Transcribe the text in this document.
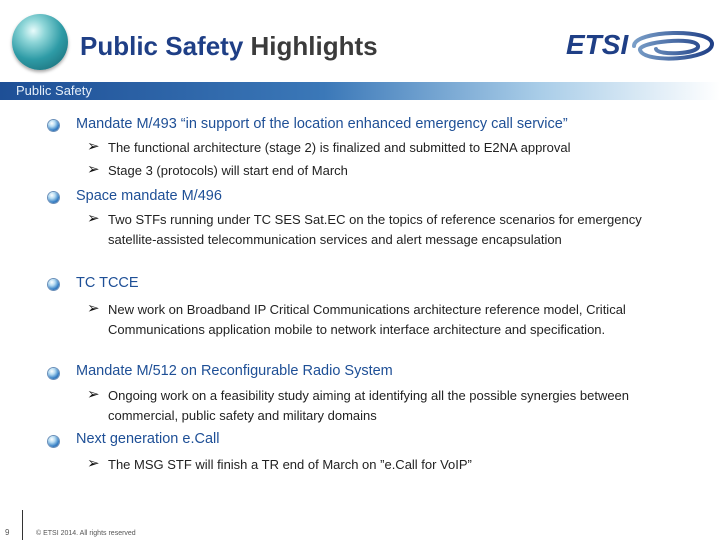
Public Safety Highlights	ETSI
Public Safety
Mandate M/493 “in support of the location enhanced emergency call service”
➢ The functional architecture (stage 2) is finalized and submitted to E2NA approval
➢ Stage 3 (protocols) will start end of March
Space mandate M/496
➢ Two STFs running under TC SES Sat.EC on the topics of reference scenarios for emergency satellite-assisted telecommunication services and alert message encapsulation
TC TCCE
➢ New work on Broadband IP Critical Communications architecture reference model, Critical Communications application mobile to network interface architecture and specification.
Mandate M/512 on Reconfigurable Radio System
➢ Ongoing work on a feasibility study aiming at identifying all the possible synergies between commercial, public safety and military domains
Next generation e.Call
➢ The MSG STF will finish a TR end of March on ”e.Call for VoIP”
9	© ETSI 2014. All rights reserved
